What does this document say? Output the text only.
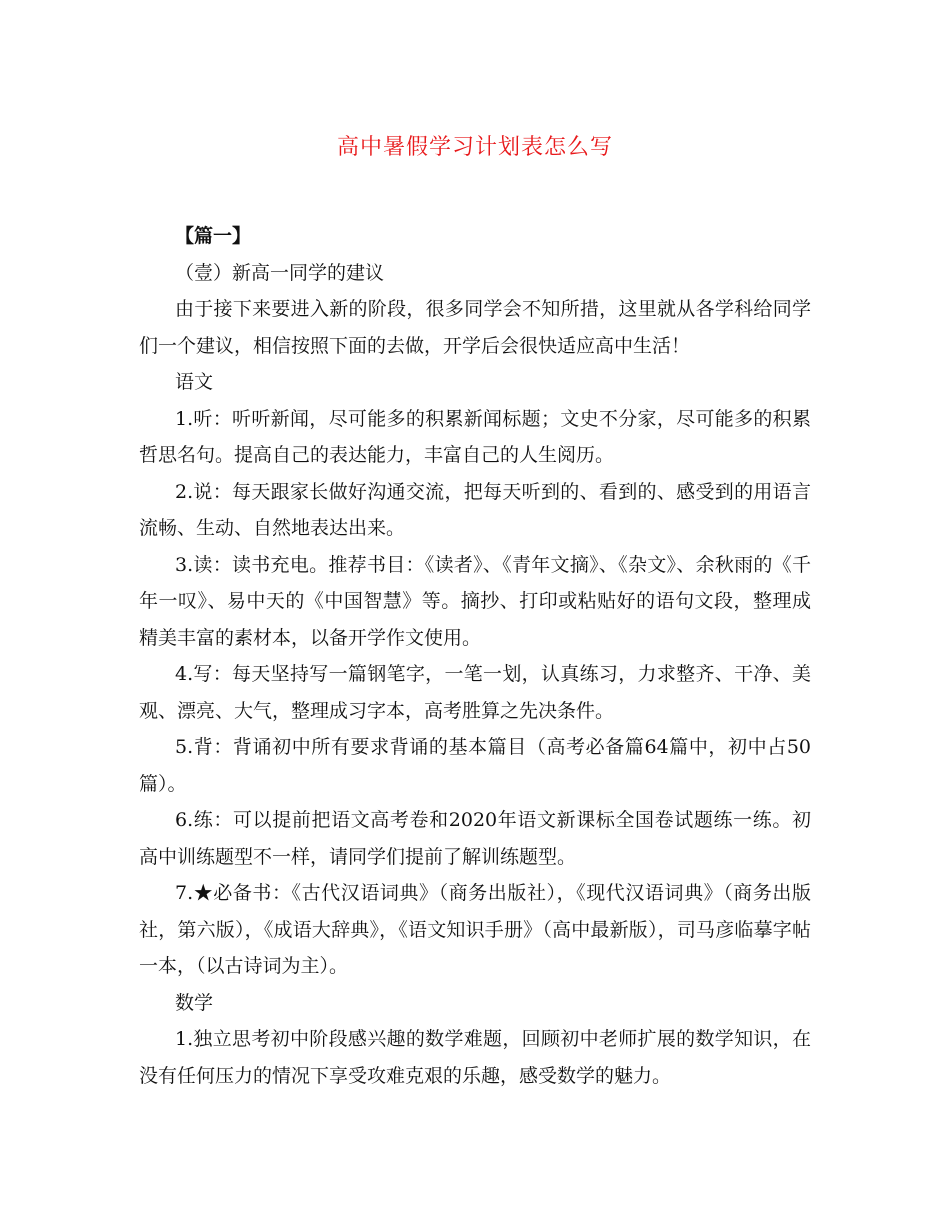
高中暑假学习计划表怎么写

【篇一】

（壹）新高一同学的建议

由于接下来要进入新的阶段，很多同学会不知所措，这里就从各学科给同学们一个建议，相信按照下面的去做，开学后会很快适应高中生活！

语文

1.听：听听新闻，尽可能多的积累新闻标题；文史不分家，尽可能多的积累哲思名句。提高自己的表达能力，丰富自己的人生阅历。

2.说：每天跟家长做好沟通交流，把每天听到的、看到的、感受到的用语言流畅、生动、自然地表达出来。

3.读：读书充电。推荐书目：《读者》、《青年文摘》、《杂文》、余秋雨的《千年一叹》、易中天的《中国智慧》等。摘抄、打印或粘贴好的语句文段，整理成精美丰富的素材本，以备开学作文使用。

4.写：每天坚持写一篇钢笔字，一笔一划，认真练习，力求整齐、干净、美观、漂亮、大气，整理成习字本，高考胜算之先决条件。

5.背：背诵初中所有要求背诵的基本篇目（高考必备篇64篇中，初中占50篇）。

6.练：可以提前把语文高考卷和2020年语文新课标全国卷试题练一练。初高中训练题型不一样，请同学们提前了解训练题型。

7.★必备书：《古代汉语词典》（商务出版社），《现代汉语词典》（商务出版社，第六版），《成语大辞典》，《语文知识手册》（高中最新版），司马彦临摹字帖一本，（以古诗词为主）。

数学

1.独立思考初中阶段感兴趣的数学难题，回顾初中老师扩展的数学知识，在没有任何压力的情况下享受攻难克艰的乐趣，感受数学的魅力。
